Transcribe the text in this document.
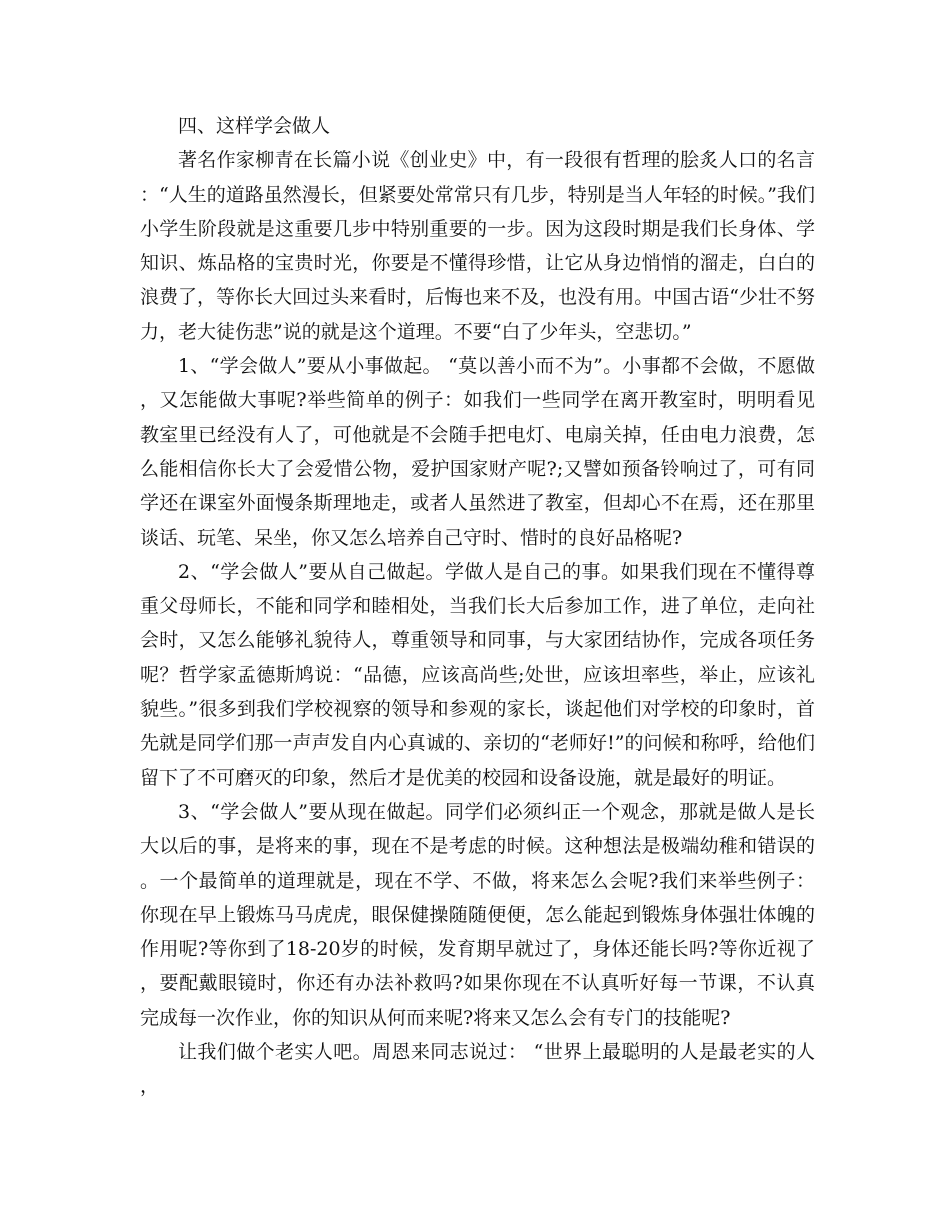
四、这样学会做人

著名作家柳青在长篇小说《创业史》中，有一段很有哲理的脍炙人口的名言：“人生的道路虽然漫长，但紧要处常常只有几步，特别是当人年轻的时候。”我们小学生阶段就是这重要几步中特别重要的一步。因为这段时期是我们长身体、学知识、炼品格的宝贵时光，你要是不懂得珍惜，让它从身边悄悄的溜走，白白的浪费了，等你长大回过头来看时，后悔也来不及，也没有用。中国古语“少壮不努力，老大徒伤悲”说的就是这个道理。不要“白了少年头，空悲切。”

1、“学会做人”要从小事做起。 “莫以善小而不为”。小事都不会做，不愿做，又怎能做大事呢?举些简单的例子：如我们一些同学在离开教室时，明明看见教室里已经没有人了，可他就是不会随手把电灯、电扇关掉，任由电力浪费，怎么能相信你长大了会爱惜公物，爱护国家财产呢?;又譬如预备铃响过了，可有同学还在课室外面慢条斯理地走，或者人虽然进了教室，但却心不在焉，还在那里谈话、玩笔、呆坐，你又怎么培养自己守时、惜时的良好品格呢?

2、“学会做人”要从自己做起。学做人是自己的事。如果我们现在不懂得尊重父母师长，不能和同学和睦相处，当我们长大后参加工作，进了单位，走向社会时，又怎么能够礼貌待人，尊重领导和同事，与大家团结协作，完成各项任务呢？哲学家孟德斯鸠说：“品德，应该高尚些;处世，应该坦率些，举止，应该礼貌些。”很多到我们学校视察的领导和参观的家长，谈起他们对学校的印象时，首先就是同学们那一声声发自内心真诚的、亲切的“老师好!”的问候和称呼，给他们留下了不可磨灭的印象，然后才是优美的校园和设备设施，就是最好的明证。

3、“学会做人”要从现在做起。同学们必须纠正一个观念，那就是做人是长大以后的事，是将来的事，现在不是考虑的时候。这种想法是极端幼稚和错误的。一个最简单的道理就是，现在不学、不做，将来怎么会呢?我们来举些例子：你现在早上锻炼马马虎虎，眼保健操随随便便，怎么能起到锻炼身体强壮体魄的作用呢?等你到了18-20岁的时候，发育期早就过了，身体还能长吗?等你近视了，要配戴眼镜时，你还有办法补救吗?如果你现在不认真听好每一节课，不认真完成每一次作业，你的知识从何而来呢?将来又怎么会有专门的技能呢?

让我们做个老实人吧。周恩来同志说过： “世界上最聪明的人是最老实的人，
